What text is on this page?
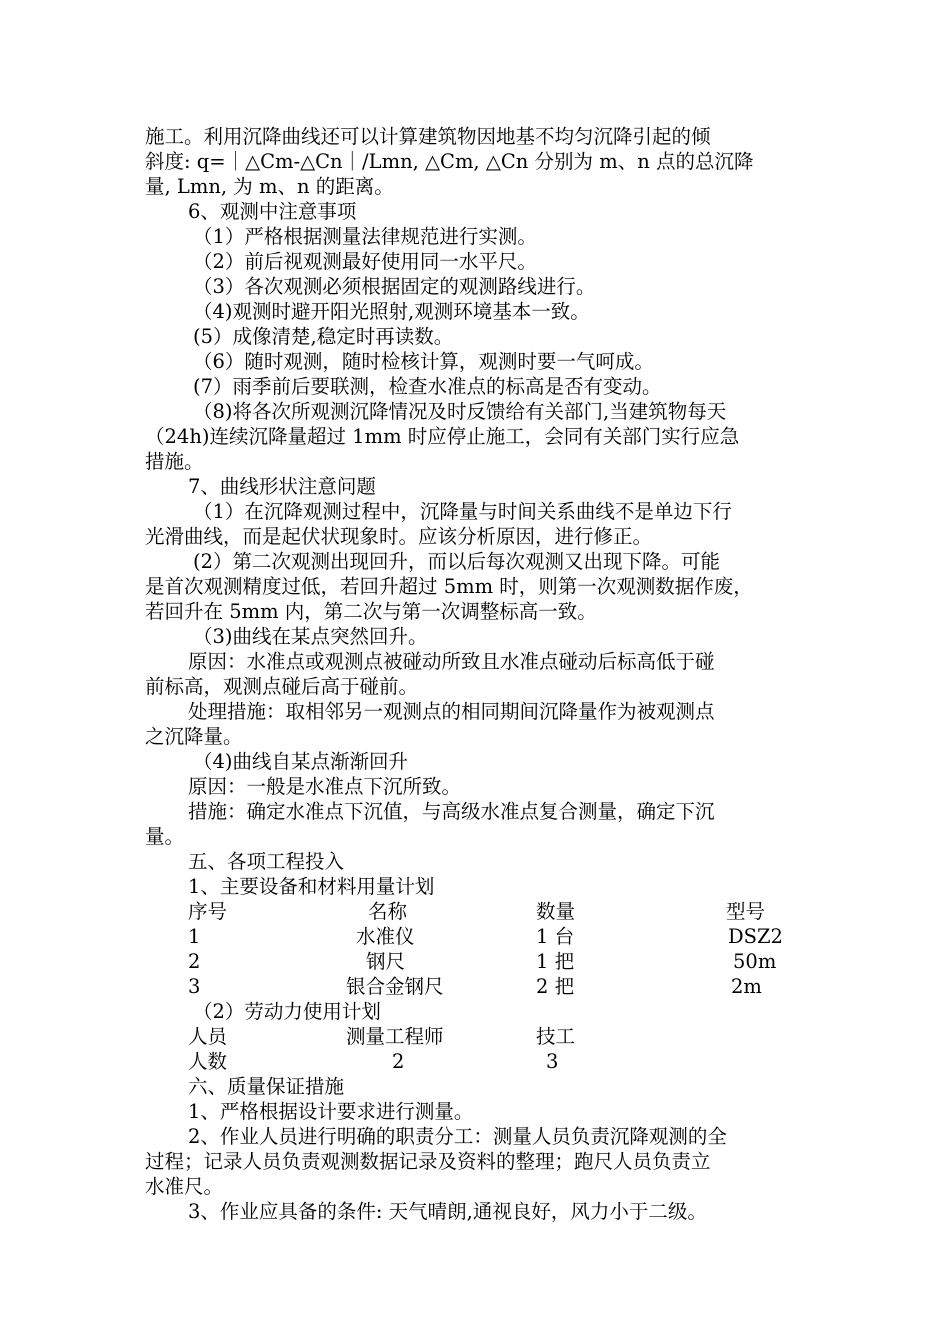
施工。利用沉降曲线还可以计算建筑物因地基不均匀沉降引起的倾
斜度: q=｜△Cm-△Cn｜/Lmn, △Cm, △Cn 分别为 m、n 点的总沉降
量, Lmn, 为 m、n 的距离。
6、观测中注意事项
（1）严格根据测量法律规范进行实测。
（2）前后视观测最好使用同一水平尺。
（3）各次观测必须根据固定的观测路线进行。
（4)观测时避开阳光照射,观测环境基本一致。
(5）成像清楚,稳定时再读数。
（6）随时观测，随时检核计算，观测时要一气呵成。
(7）雨季前后要联测，检查水准点的标高是否有变动。
（8)将各次所观测沉降情况及时反馈给有关部门,当建筑物每天
（24h)连续沉降量超过 1mm 时应停止施工，会同有关部门实行应急
措施。
7、曲线形状注意问题
（1）在沉降观测过程中，沉降量与时间关系曲线不是单边下行
光滑曲线，而是起伏状现象时。应该分析原因，进行修正。
(2）第二次观测出现回升，而以后每次观测又出现下降。可能
是首次观测精度过低，若回升超过 5mm 时，则第一次观测数据作废，
若回升在 5mm 内，第二次与第一次调整标高一致。
（3)曲线在某点突然回升。
原因：水准点或观测点被碰动所致且水准点碰动后标高低于碰
前标高，观测点碰后高于碰前。
处理措施：取相邻另一观测点的相同期间沉降量作为被观测点
之沉降量。
（4)曲线自某点渐渐回升
原因：一般是水准点下沉所致。
措施：确定水准点下沉值，与高级水准点复合测量，确定下沉
量。
五、各项工程投入
1、主要设备和材料用量计划
序号	名称	数量	型号
1	水准仪	1 台	DSZ2
2	钢尺	1 把	50m
3	银合金钢尺	2 把	2m
（2）劳动力使用计划
人员	测量工程师	技工
人数	2	3
六、质量保证措施
1、严格根据设计要求进行测量。
2、作业人员进行明确的职责分工：测量人员负责沉降观测的全
过程；记录人员负责观测数据记录及资料的整理；跑尺人员负责立
水准尺。
3、作业应具备的条件: 天气晴朗,通视良好，风力小于二级。
